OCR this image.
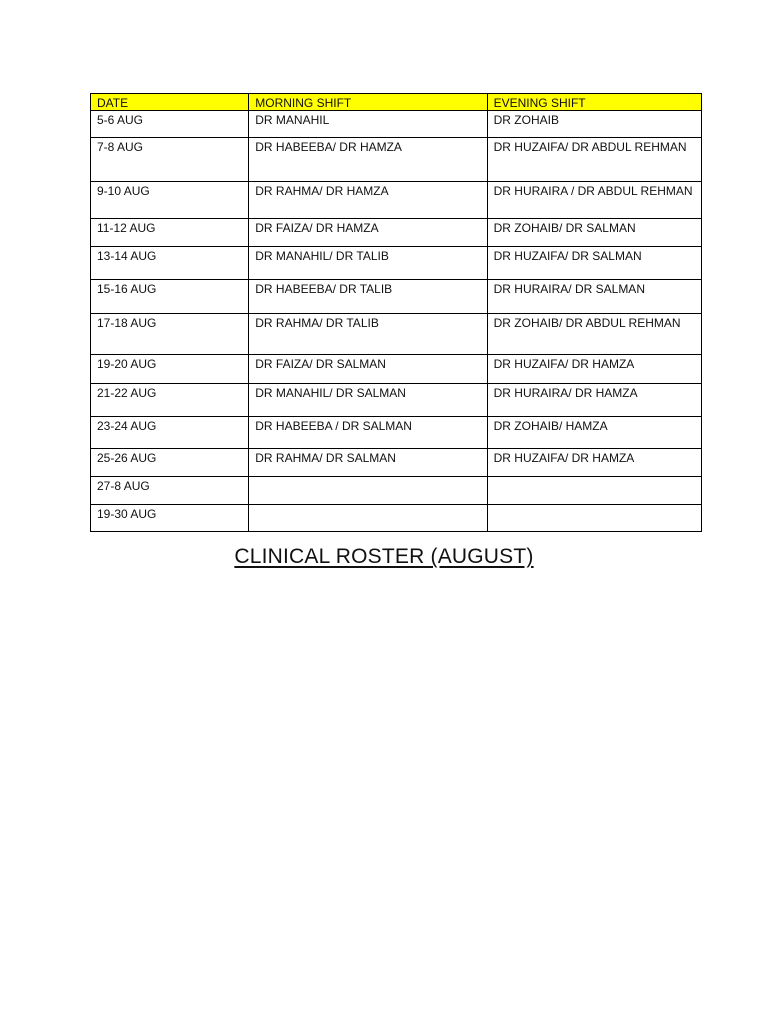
DATE	MORNING SHIFT	EVENING SHIFT
5-6 AUG	DR MANAHIL	DR ZOHAIB
7-8 AUG	DR HABEEBA/ DR HAMZA	DR HUZAIFA/ DR ABDUL REHMAN
9-10 AUG	DR RAHMA/ DR HAMZA	DR HURAIRA / DR ABDUL REHMAN
11-12 AUG	DR FAIZA/ DR HAMZA	DR ZOHAIB/ DR SALMAN
13-14 AUG	DR MANAHIL/ DR TALIB	DR HUZAIFA/ DR SALMAN
15-16 AUG	DR HABEEBA/ DR TALIB	DR HURAIRA/ DR SALMAN
17-18 AUG	DR RAHMA/ DR TALIB	DR ZOHAIB/ DR ABDUL REHMAN
19-20 AUG	DR FAIZA/ DR SALMAN	DR HUZAIFA/ DR HAMZA
21-22 AUG	DR MANAHIL/ DR SALMAN	DR HURAIRA/ DR HAMZA
23-24 AUG	DR HABEEBA / DR SALMAN	DR ZOHAIB/ HAMZA
25-26 AUG	DR RAHMA/ DR SALMAN	DR HUZAIFA/ DR HAMZA
27-8 AUG		
19-30 AUG		
CLINICAL ROSTER (AUGUST)
